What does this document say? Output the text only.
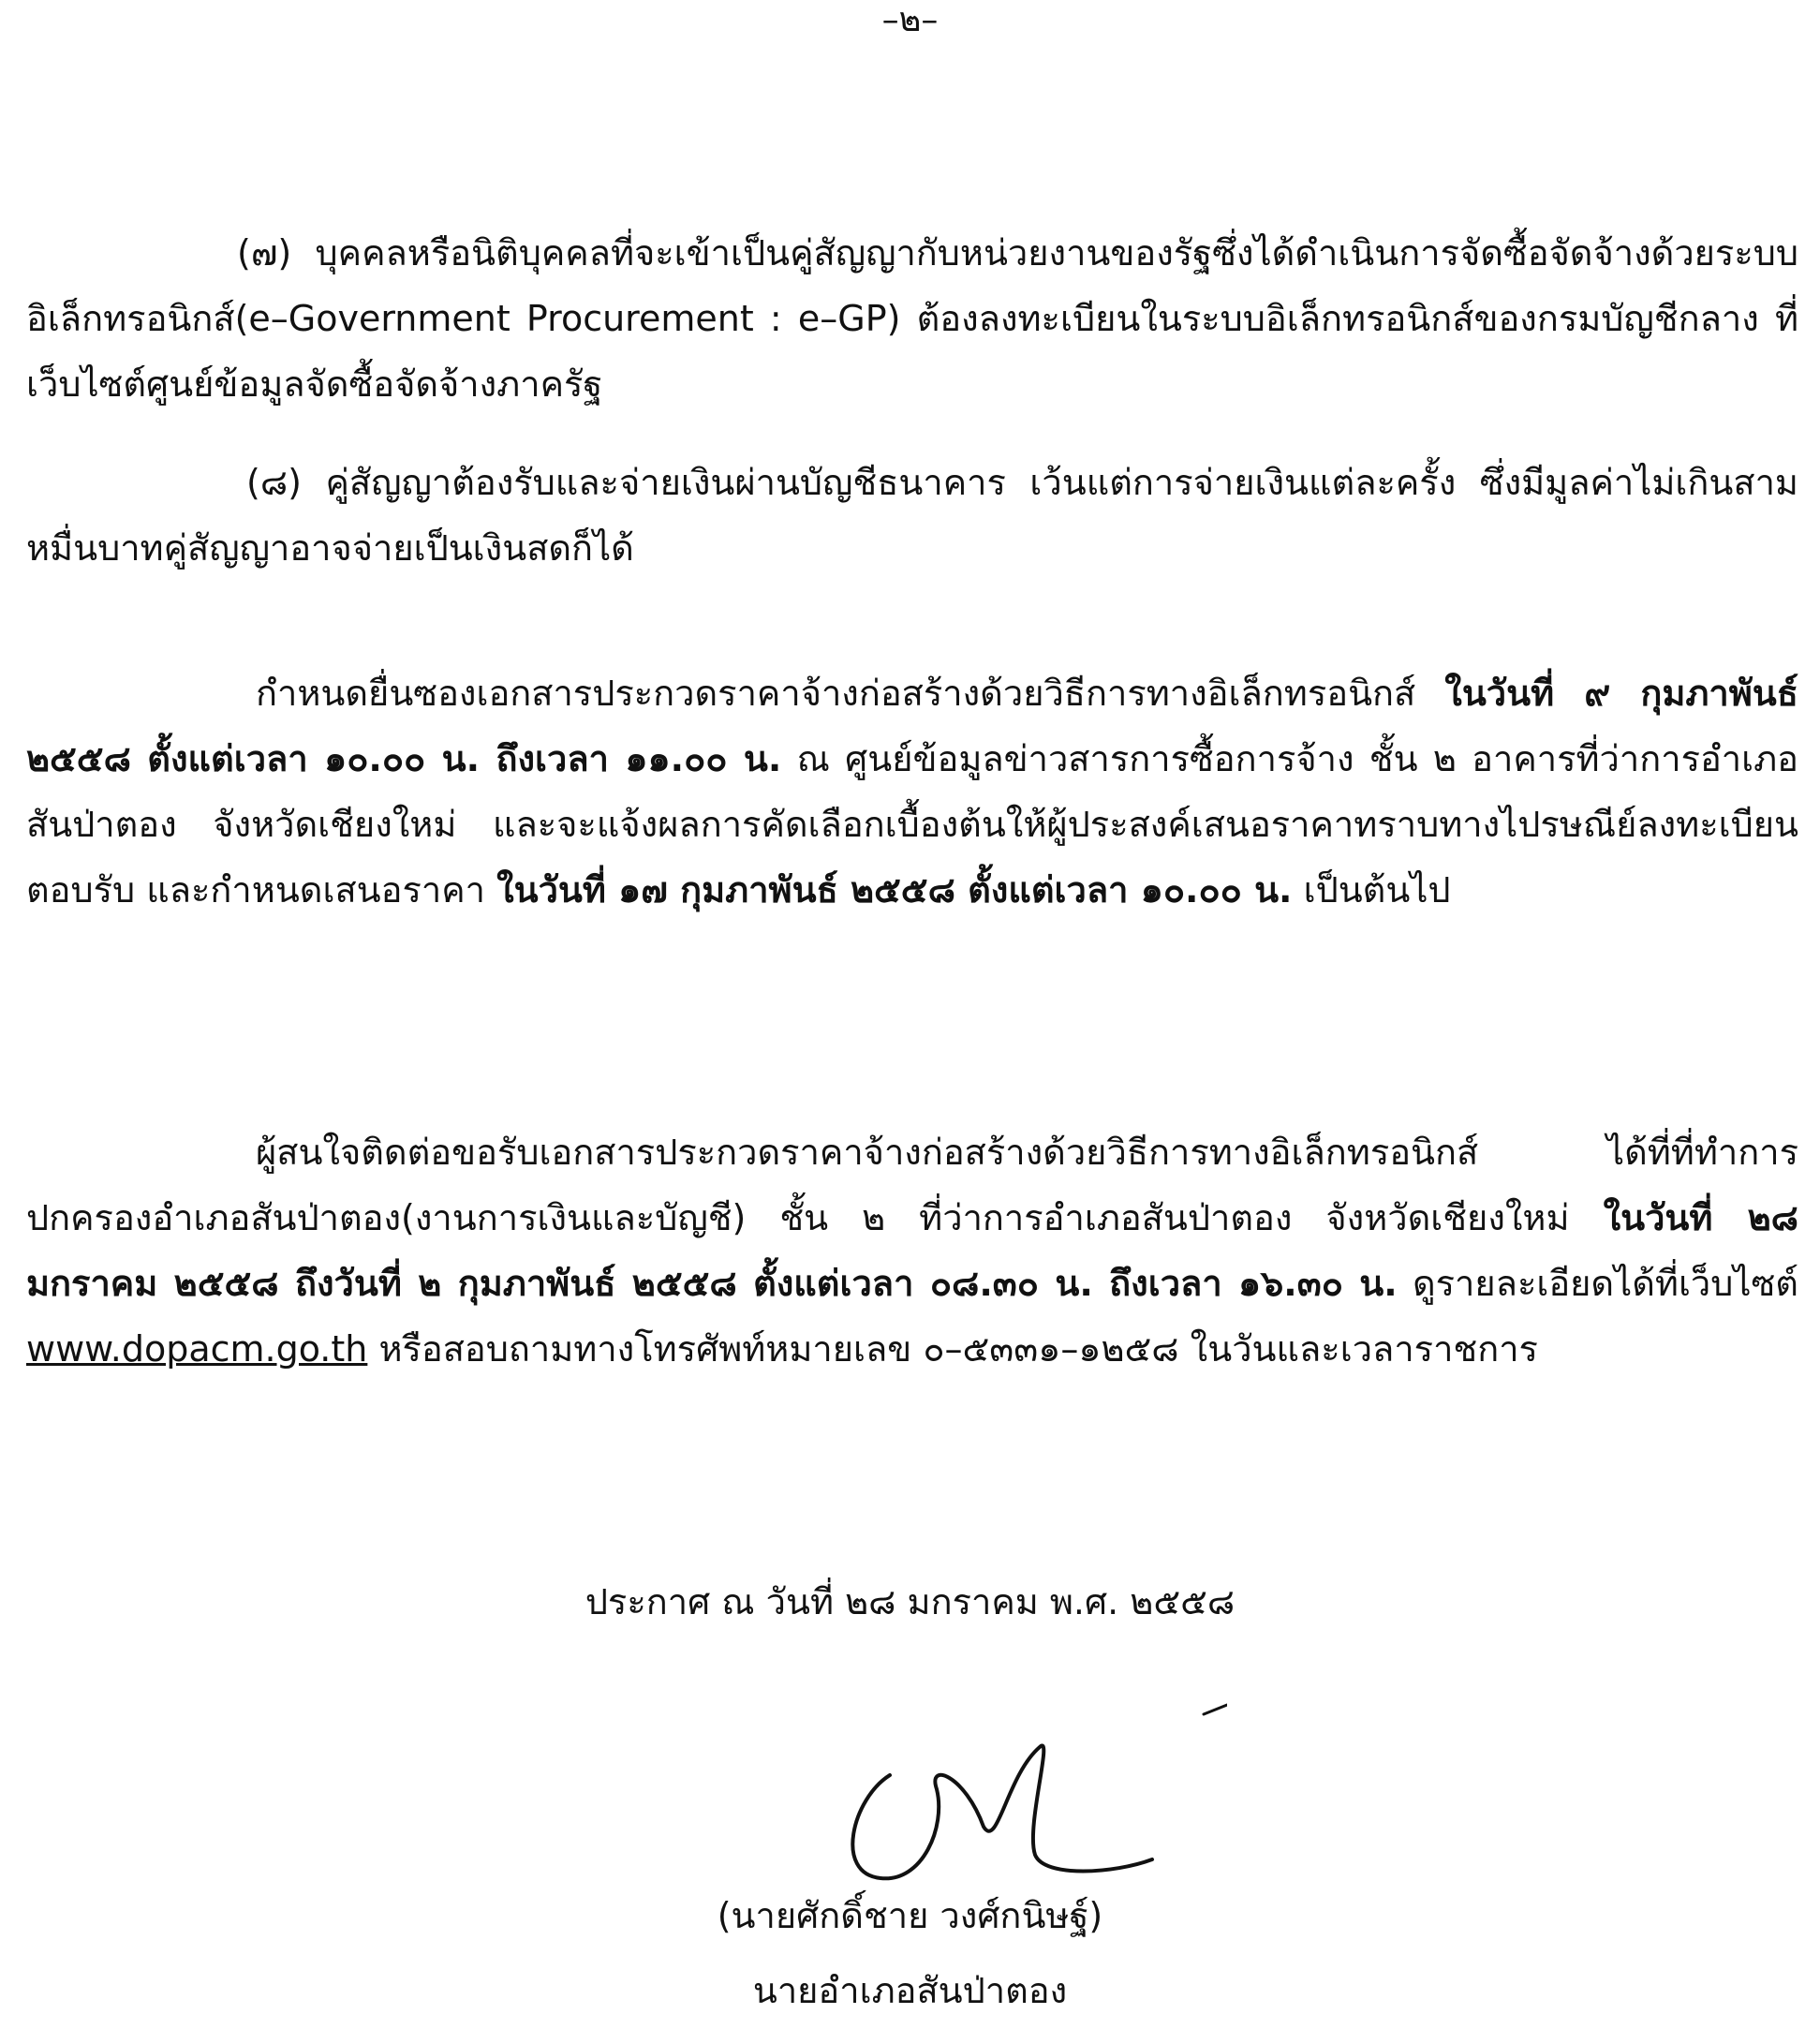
–๒–

(๗) บุคคลหรือนิติบุคคลที่จะเข้าเป็นคู่สัญญากับหน่วยงานของรัฐซึ่งได้ดำเนินการจัดซื้อจัดจ้างด้วยระบบอิเล็กทรอนิกส์(e–Government Procurement : e–GP) ต้องลงทะเบียนในระบบอิเล็กทรอนิกส์ของกรมบัญชีกลาง ที่เว็บไซต์ศูนย์ข้อมูลจัดซื้อจัดจ้างภาครัฐ

(๘) คู่สัญญาต้องรับและจ่ายเงินผ่านบัญชีธนาคาร เว้นแต่การจ่ายเงินแต่ละครั้ง ซึ่งมีมูลค่าไม่เกินสามหมื่นบาทคู่สัญญาอาจจ่ายเป็นเงินสดก็ได้

กำหนดยื่นซองเอกสารประกวดราคาจ้างก่อสร้างด้วยวิธีการทางอิเล็กทรอนิกส์ ในวันที่ ๙ กุมภาพันธ์ ๒๕๕๘ ตั้งแต่เวลา ๑๐.๐๐ น. ถึงเวลา ๑๑.๐๐ น. ณ ศูนย์ข้อมูลข่าวสารการซื้อการจ้าง ชั้น ๒ อาคารที่ว่าการอำเภอสันป่าตอง จังหวัดเชียงใหม่ และจะแจ้งผลการคัดเลือกเบื้องต้นให้ผู้ประสงค์เสนอราคาทราบทางไปรษณีย์ลงทะเบียนตอบรับ และกำหนดเสนอราคา ในวันที่ ๑๗ กุมภาพันธ์ ๒๕๕๘ ตั้งแต่เวลา ๑๐.๐๐ น. เป็นต้นไป

ผู้สนใจติดต่อขอรับเอกสารประกวดราคาจ้างก่อสร้างด้วยวิธีการทางอิเล็กทรอนิกส์ ได้ที่ที่ทำการปกครองอำเภอสันป่าตอง(งานการเงินและบัญชี) ชั้น ๒ ที่ว่าการอำเภอสันป่าตอง จังหวัดเชียงใหม่ ในวันที่ ๒๘ มกราคม ๒๕๕๘ ถึงวันที่ ๒ กุมภาพันธ์ ๒๕๕๘ ตั้งแต่เวลา ๐๘.๓๐ น. ถึงเวลา ๑๖.๓๐ น. ดูรายละเอียดได้ที่เว็บไซต์ www.dopacm.go.th หรือสอบถามทางโทรศัพท์หมายเลข ๐–๕๓๓๑–๑๒๕๘ ในวันและเวลาราชการ

ประกาศ ณ วันที่ ๒๘ มกราคม พ.ศ. ๒๕๕๘
(นายศักดิ์ชาย วงศ์กนิษฐ์)
นายอำเภอสันป่าตอง
